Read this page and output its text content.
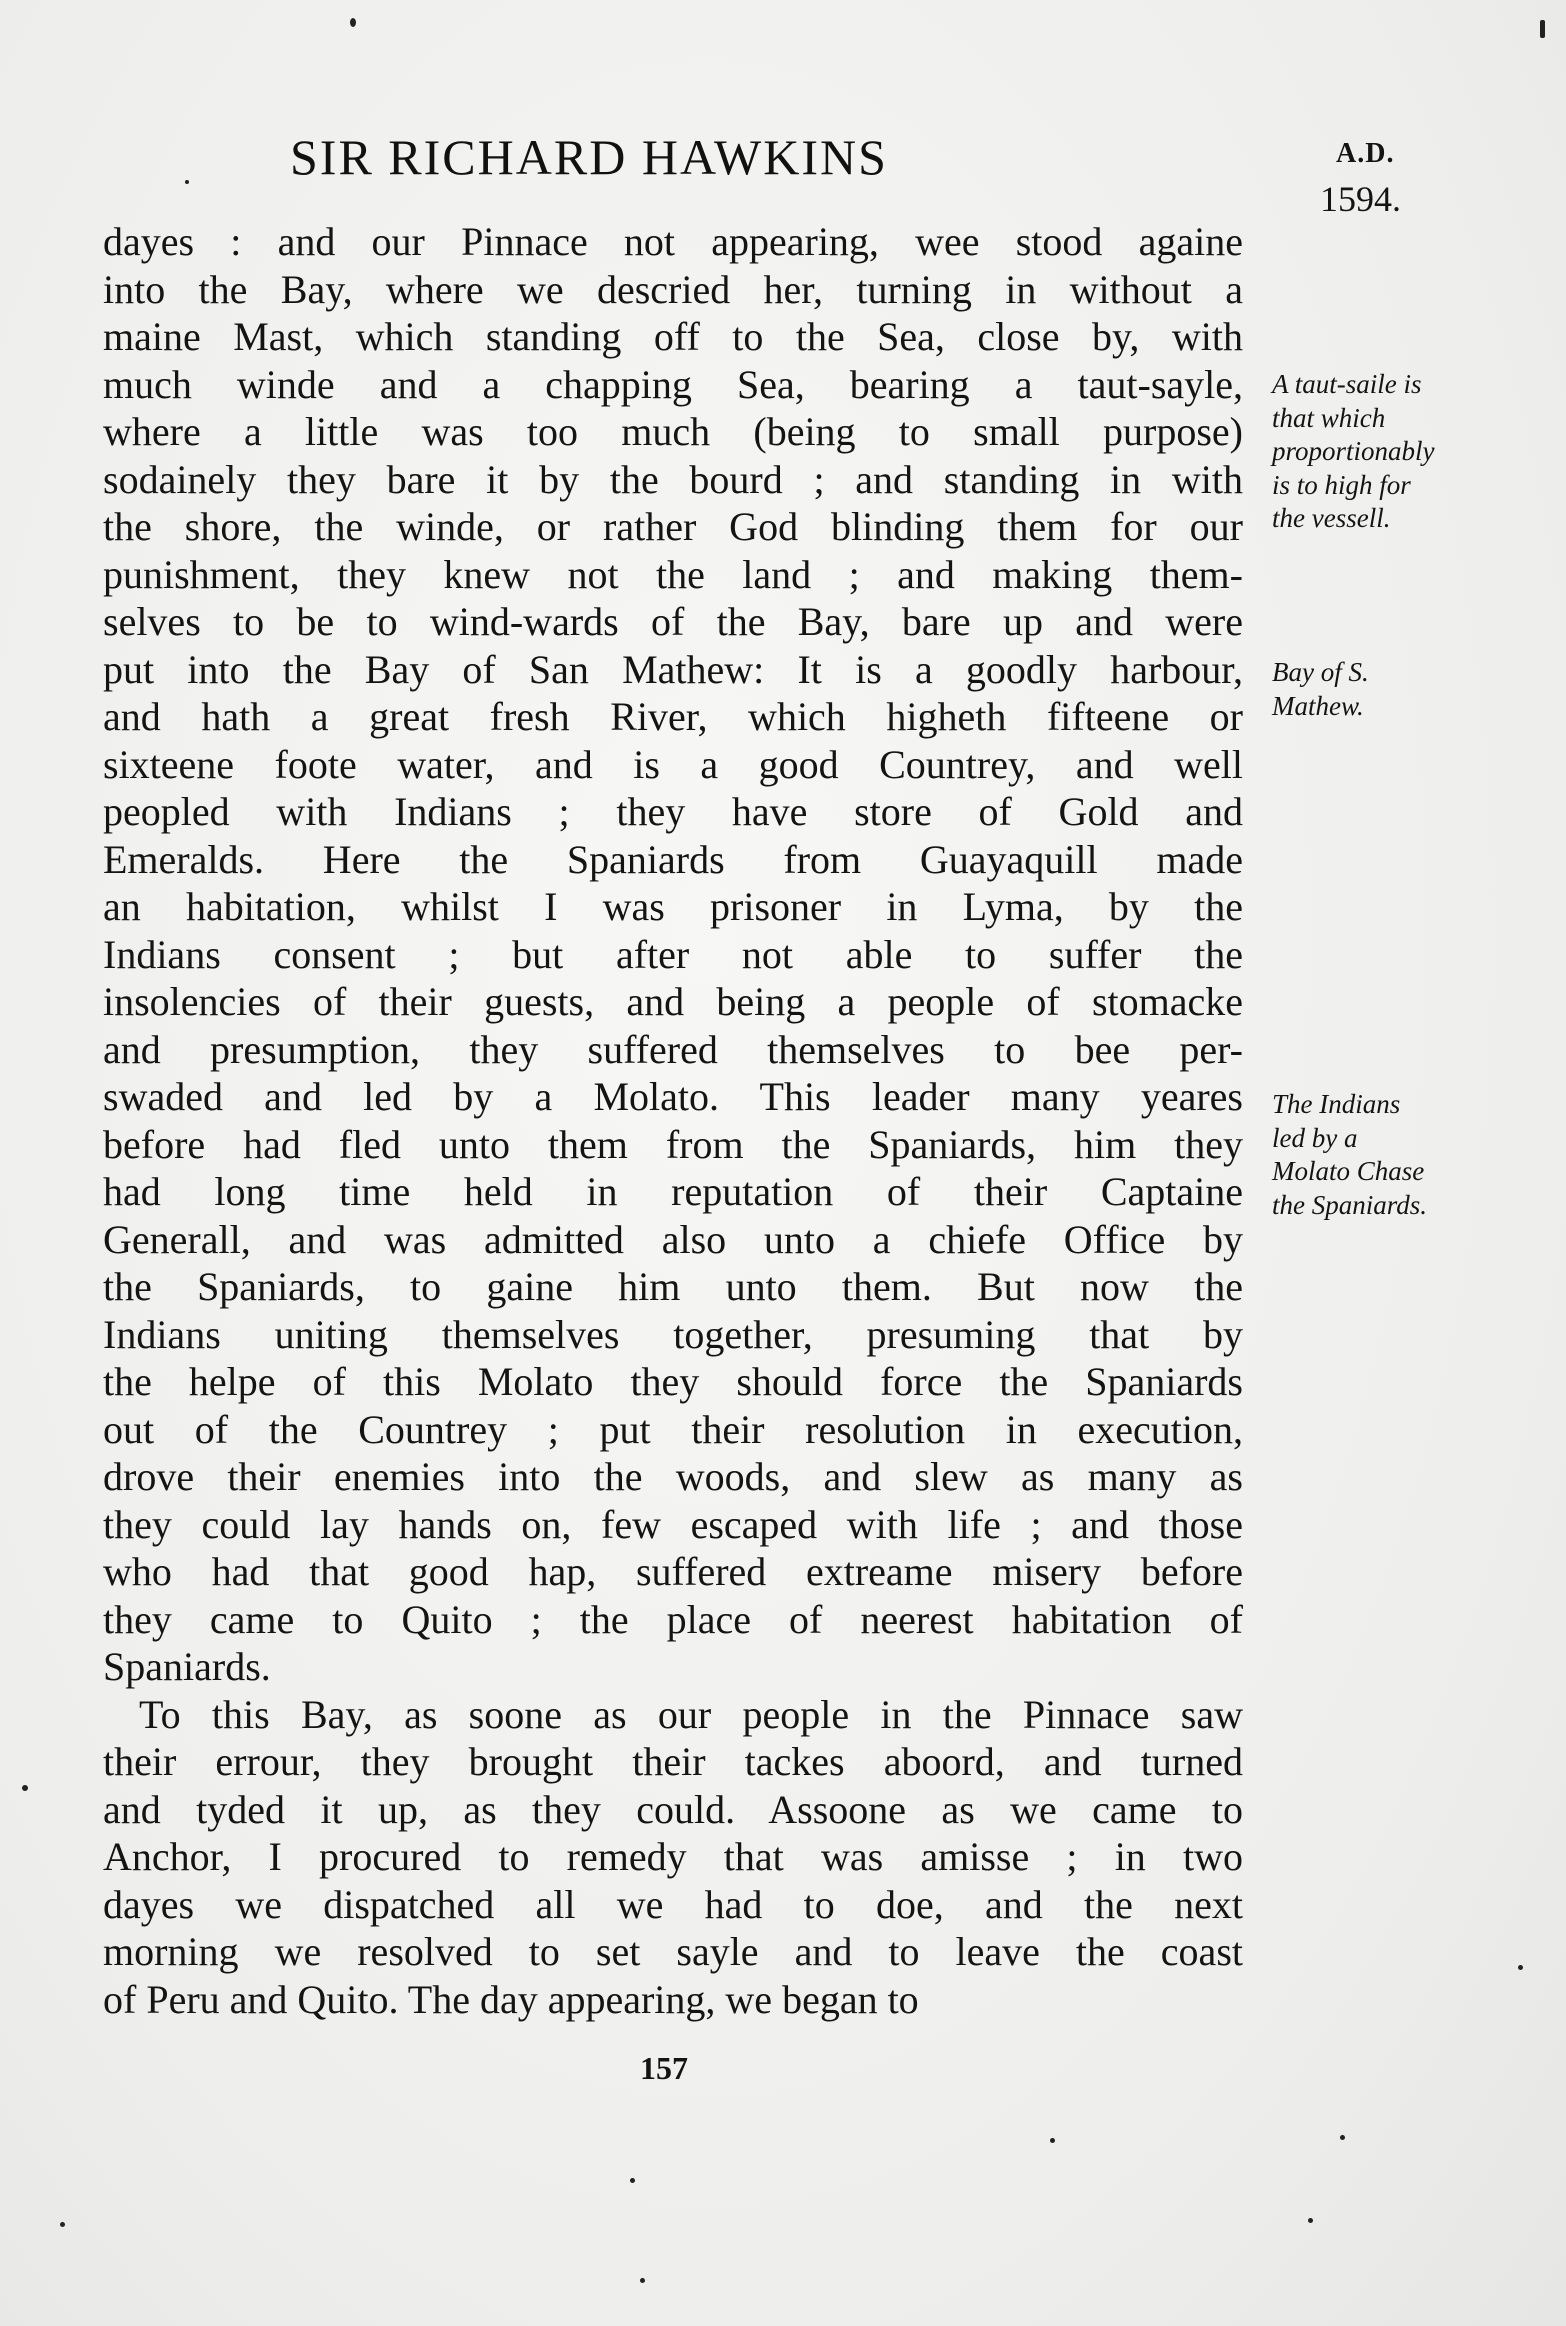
SIR RICHARD HAWKINS	A.D.
1594.
dayes : and our Pinnace not appearing, wee stood againe
into the Bay, where we descried her, turning in without a
maine Mast, which standing off to the Sea, close by, with
much winde and a chapping Sea, bearing a taut-sayle,
where a little was too much (being to small purpose)
sodainely they bare it by the bourd ; and standing in with
the shore, the winde, or rather God blinding them for our
punishment, they knew not the land ; and making them-
selves to be to wind-wards of the Bay, bare up and were
put into the Bay of San Mathew: It is a goodly harbour,
and hath a great fresh River, which higheth fifteene or
sixteene foote water, and is a good Countrey, and well
peopled with Indians ; they have store of Gold and
Emeralds. Here the Spaniards from Guayaquill made
an habitation, whilst I was prisoner in Lyma, by the
Indians consent ; but after not able to suffer the
insolencies of their guests, and being a people of stomacke
and presumption, they suffered themselves to bee per-
swaded and led by a Molato. This leader many yeares
before had fled unto them from the Spaniards, him they
had long time held in reputation of their Captaine
Generall, and was admitted also unto a chiefe Office by
the Spaniards, to gaine him unto them. But now the
Indians uniting themselves together, presuming that by
the helpe of this Molato they should force the Spaniards
out of the Countrey ; put their resolution in execution,
drove their enemies into the woods, and slew as many as
they could lay hands on, few escaped with life ; and those
who had that good hap, suffered extreame misery before
they came to Quito ; the place of neerest habitation of
Spaniards.
To this Bay, as soone as our people in the Pinnace saw
their errour, they brought their tackes aboord, and turned
and tyded it up, as they could. Assoone as we came to
Anchor, I procured to remedy that was amisse ; in two
dayes we dispatched all we had to doe, and the next
morning we resolved to set sayle and to leave the coast
of Peru and Quito. The day appearing, we began to
A taut-saile is
that which
proportionably
is to high for
the vessell.
Bay of S.
Mathew.
The Indians
led by a
Molato Chase
the Spaniards.
157
